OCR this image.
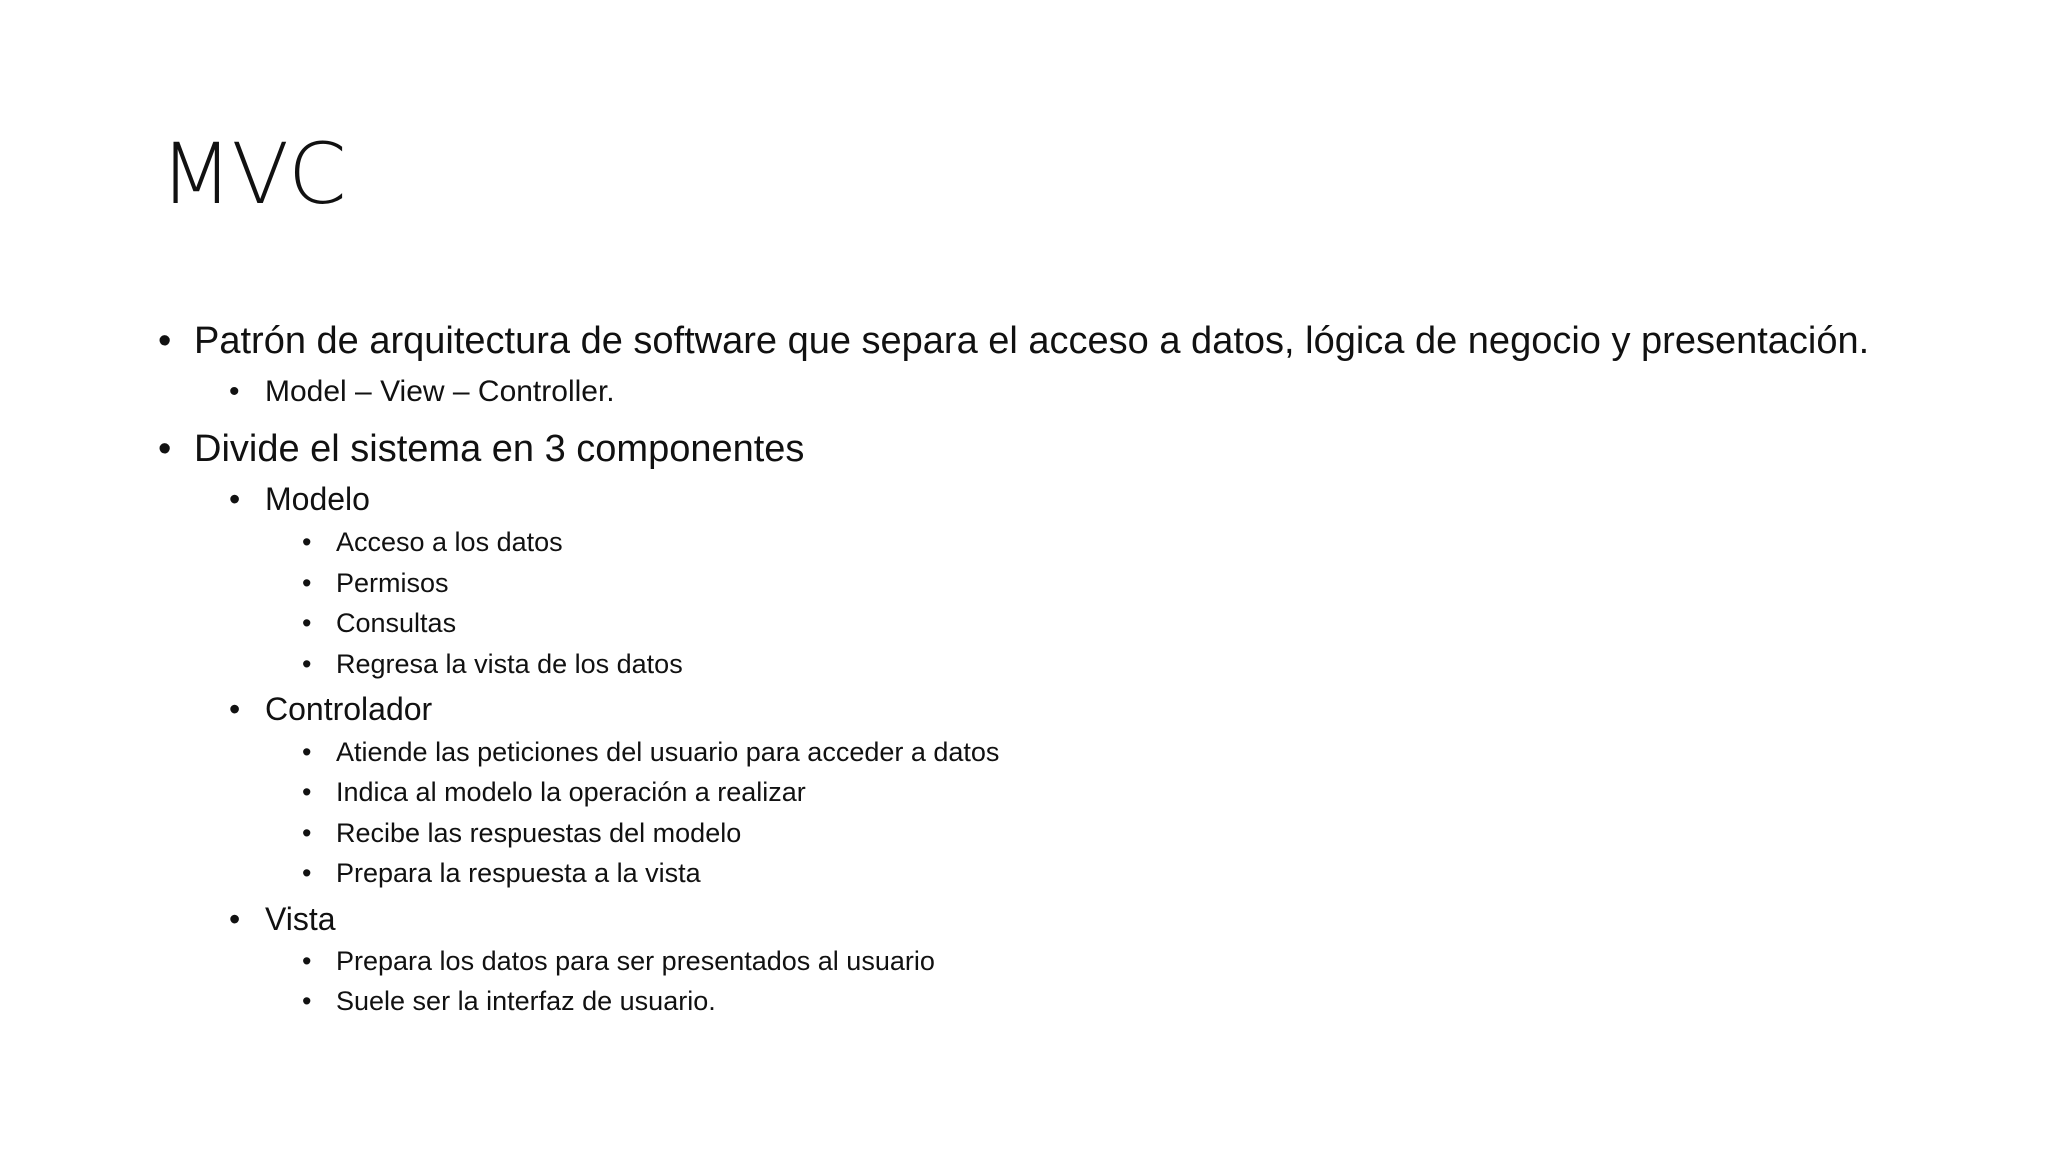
MVC
• Patrón de arquitectura de software que separa el acceso a datos, lógica de negocio y presentación.
• Model – View – Controller.
• Divide el sistema en 3 componentes
• Modelo
• Acceso a los datos
• Permisos
• Consultas
• Regresa la vista de los datos
• Controlador
• Atiende las peticiones del usuario para acceder a datos
• Indica al modelo la operación a realizar
• Recibe las respuestas del modelo
• Prepara la respuesta a la vista
• Vista
• Prepara los datos para ser presentados al usuario
• Suele ser la interfaz de usuario.
